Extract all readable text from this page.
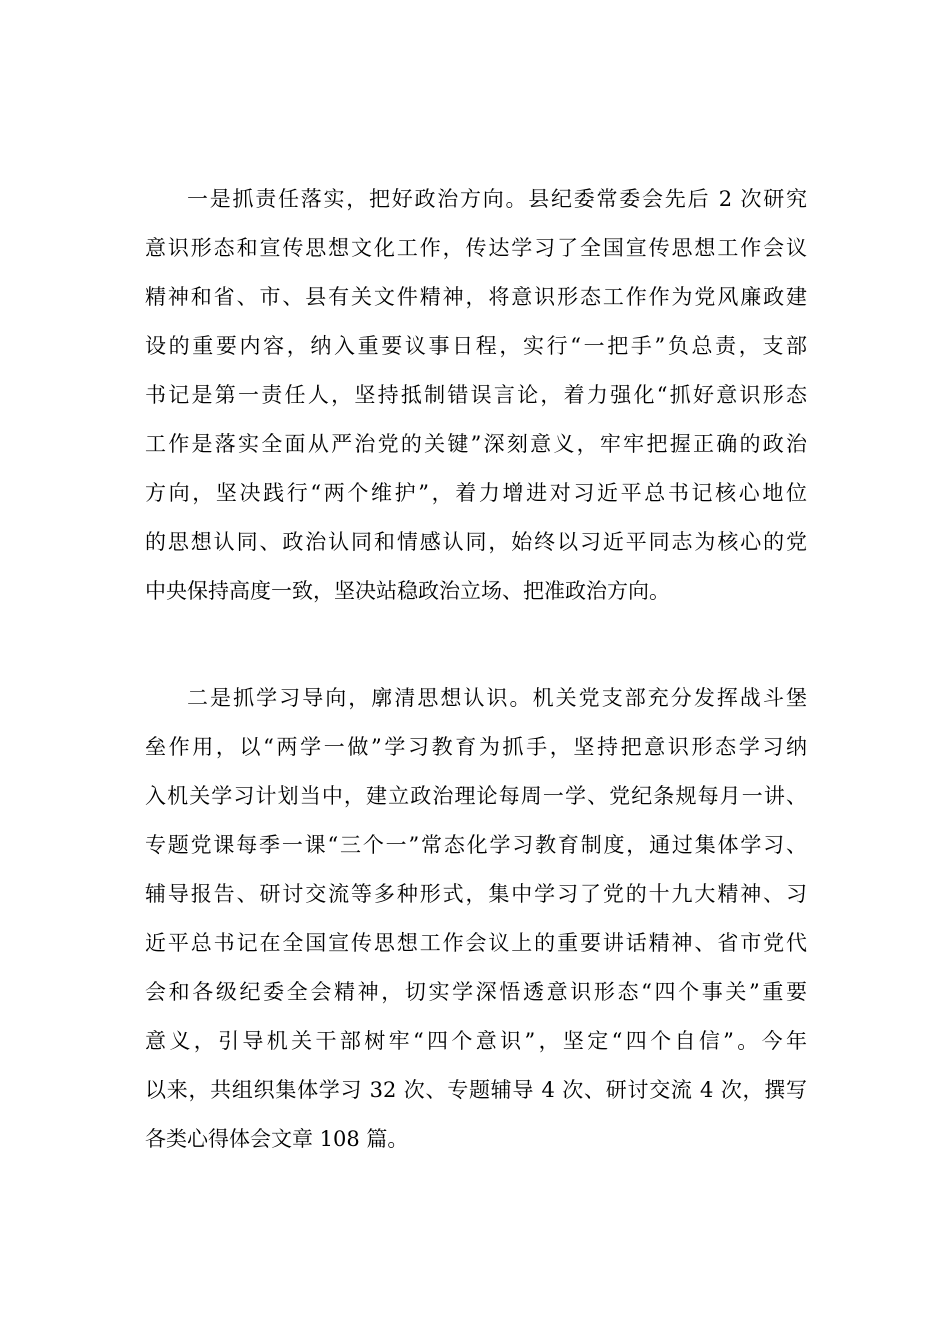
一是抓责任落实，把好政治方向。县纪委常委会先后 2 次研究
意识形态和宣传思想文化工作，传达学习了全国宣传思想工作会议
精神和省、市、县有关文件精神，将意识形态工作作为党风廉政建
设的重要内容，纳入重要议事日程，实行“一把手”负总责，支部
书记是第一责任人，坚持抵制错误言论，着力强化“抓好意识形态
工作是落实全面从严治党的关键”深刻意义，牢牢把握正确的政治
方向，坚决践行“两个维护”，着力增进对习近平总书记核心地位
的思想认同、政治认同和情感认同，始终以习近平同志为核心的党
中央保持高度一致，坚决站稳政治立场、把准政治方向。
二是抓学习导向，廓清思想认识。机关党支部充分发挥战斗堡
垒作用，以“两学一做”学习教育为抓手，坚持把意识形态学习纳
入机关学习计划当中，建立政治理论每周一学、党纪条规每月一讲、
专题党课每季一课“三个一”常态化学习教育制度，通过集体学习、
辅导报告、研讨交流等多种形式，集中学习了党的十九大精神、习
近平总书记在全国宣传思想工作会议上的重要讲话精神、省市党代
会和各级纪委全会精神，切实学深悟透意识形态“四个事关”重要
意义，引导机关干部树牢“四个意识”，坚定“四个自信”。今年
以来，共组织集体学习 32 次、专题辅导 4 次、研讨交流 4 次，撰写
各类心得体会文章 108 篇。
